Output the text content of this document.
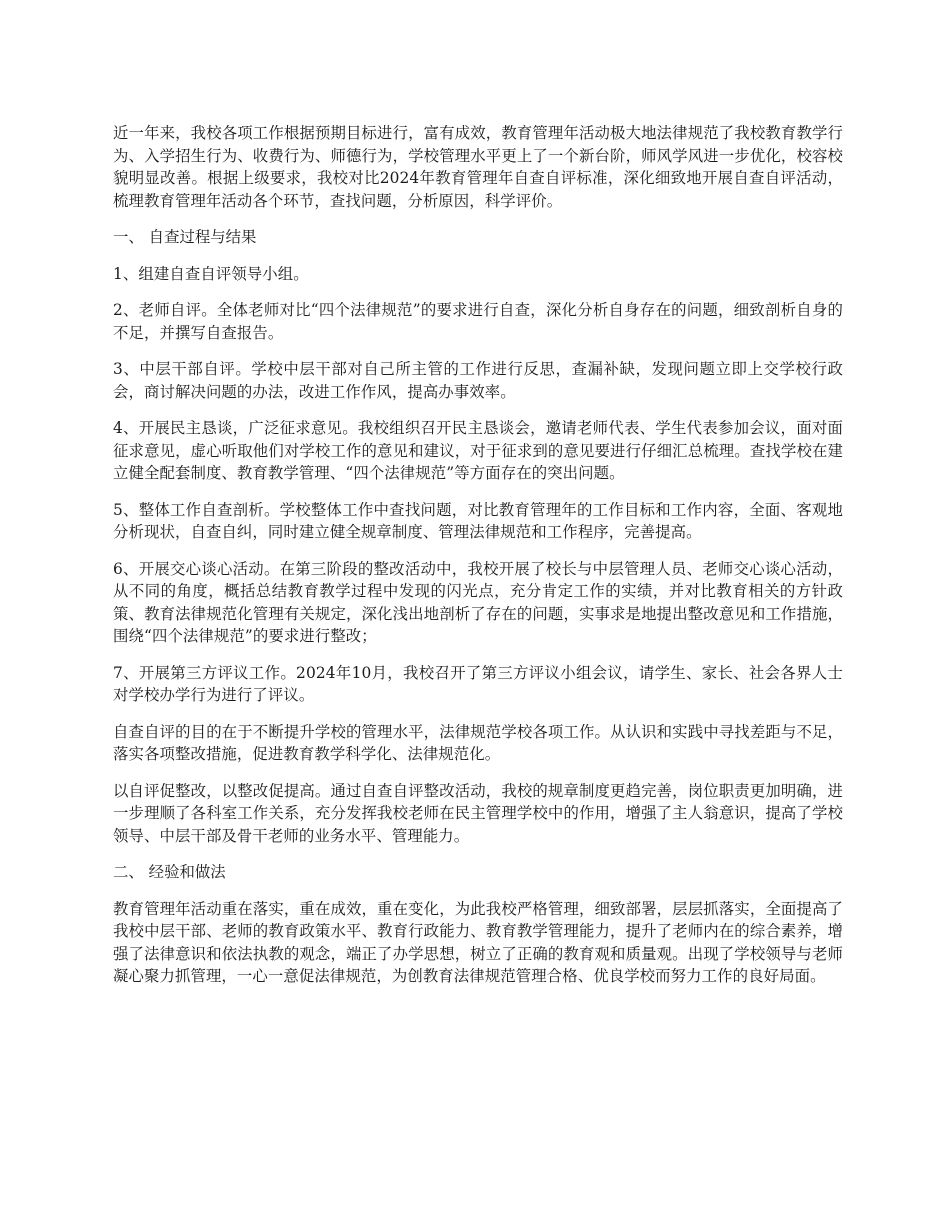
近一年来，我校各项工作根据预期目标进行，富有成效，教育管理年活动极大地法律规范了我校教育教学行为、入学招生行为、收费行为、师德行为，学校管理水平更上了一个新台阶，师风学风进一步优化，校容校貌明显改善。根据上级要求，我校对比2024年教育管理年自查自评标准，深化细致地开展自查自评活动，梳理教育管理年活动各个环节，查找问题，分析原因，科学评价。

一、 自查过程与结果

1、组建自查自评领导小组。

2、老师自评。全体老师对比“四个法律规范”的要求进行自查，深化分析自身存在的问题，细致剖析自身的不足，并撰写自查报告。

3、中层干部自评。学校中层干部对自己所主管的工作进行反思，查漏补缺，发现问题立即上交学校行政会，商讨解决问题的办法，改进工作作风，提高办事效率。

4、开展民主恳谈，广泛征求意见。我校组织召开民主恳谈会，邀请老师代表、学生代表参加会议，面对面征求意见，虚心听取他们对学校工作的意见和建议，对于征求到的意见要进行仔细汇总梳理。查找学校在建立健全配套制度、教育教学管理、“四个法律规范”等方面存在的突出问题。

5、整体工作自查剖析。学校整体工作中查找问题，对比教育管理年的工作目标和工作内容，全面、客观地分析现状，自查自纠，同时建立健全规章制度、管理法律规范和工作程序，完善提高。

6、开展交心谈心活动。在第三阶段的整改活动中，我校开展了校长与中层管理人员、老师交心谈心活动，从不同的角度，概括总结教育教学过程中发现的闪光点，充分肯定工作的实绩，并对比教育相关的方针政策、教育法律规范化管理有关规定，深化浅出地剖析了存在的问题，实事求是地提出整改意见和工作措施，围绕“四个法律规范”的要求进行整改；

7、开展第三方评议工作。2024年10月，我校召开了第三方评议小组会议，请学生、家长、社会各界人士对学校办学行为进行了评议。

自查自评的目的在于不断提升学校的管理水平，法律规范学校各项工作。从认识和实践中寻找差距与不足，落实各项整改措施，促进教育教学科学化、法律规范化。

以自评促整改，以整改促提高。通过自查自评整改活动，我校的规章制度更趋完善，岗位职责更加明确，进一步理顺了各科室工作关系，充分发挥我校老师在民主管理学校中的作用，增强了主人翁意识，提高了学校领导、中层干部及骨干老师的业务水平、管理能力。

二、 经验和做法

教育管理年活动重在落实，重在成效，重在变化，为此我校严格管理，细致部署，层层抓落实，全面提高了我校中层干部、老师的教育政策水平、教育行政能力、教育教学管理能力，提升了老师内在的综合素养，增强了法律意识和依法执教的观念，端正了办学思想，树立了正确的教育观和质量观。出现了学校领导与老师凝心聚力抓管理，一心一意促法律规范，为创教育法律规范管理合格、优良学校而努力工作的良好局面。
